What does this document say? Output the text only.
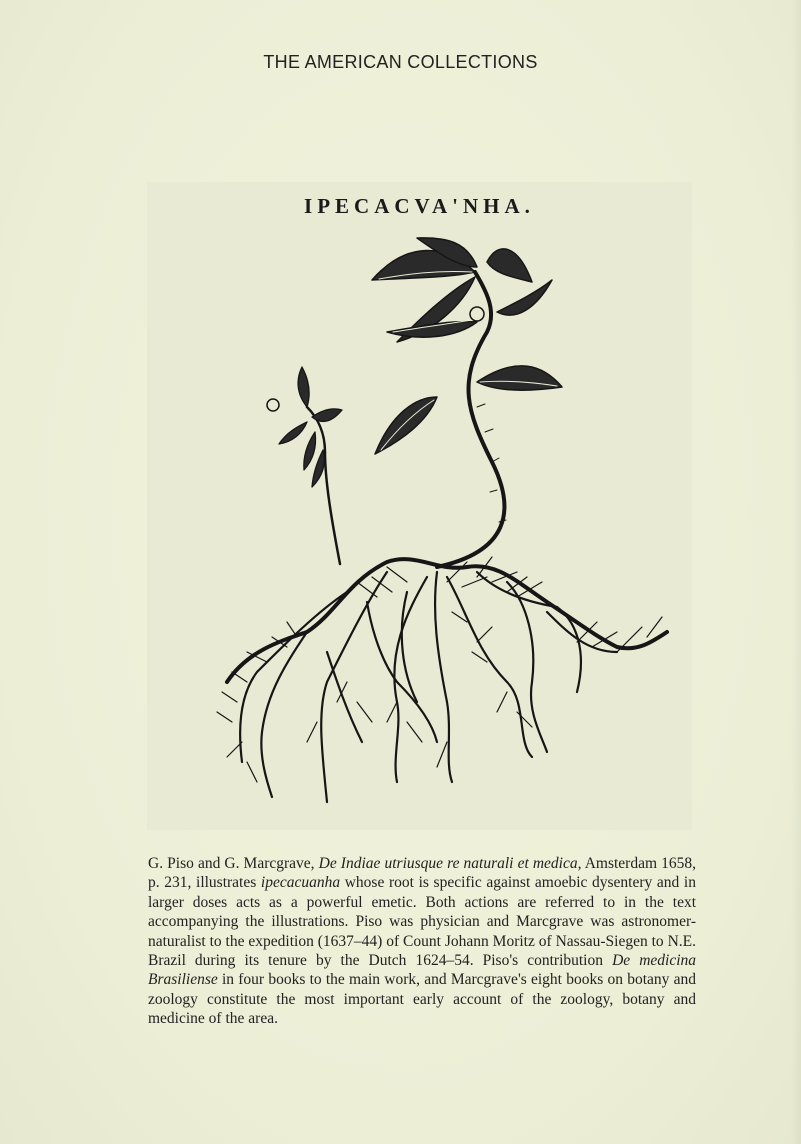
THE AMERICAN COLLECTIONS
IPECACVA'NHA.
G. Piso and G. Marcgrave, De Indiae utriusque re naturali et medica, Amsterdam 1658, p. 231, illustrates ipecacuanha whose root is specific against amoebic dysentery and in larger doses acts as a powerful emetic. Both actions are referred to in the text accompanying the illustrations. Piso was physician and Marcgrave was astronomer-naturalist to the expedition (1637–44) of Count Johann Moritz of Nassau-Siegen to N.E. Brazil during its tenure by the Dutch 1624–54. Piso's contribution De medicina Brasiliense in four books to the main work, and Marcgrave's eight books on botany and zoology constitute the most important early account of the zoology, botany and medicine of the area.
